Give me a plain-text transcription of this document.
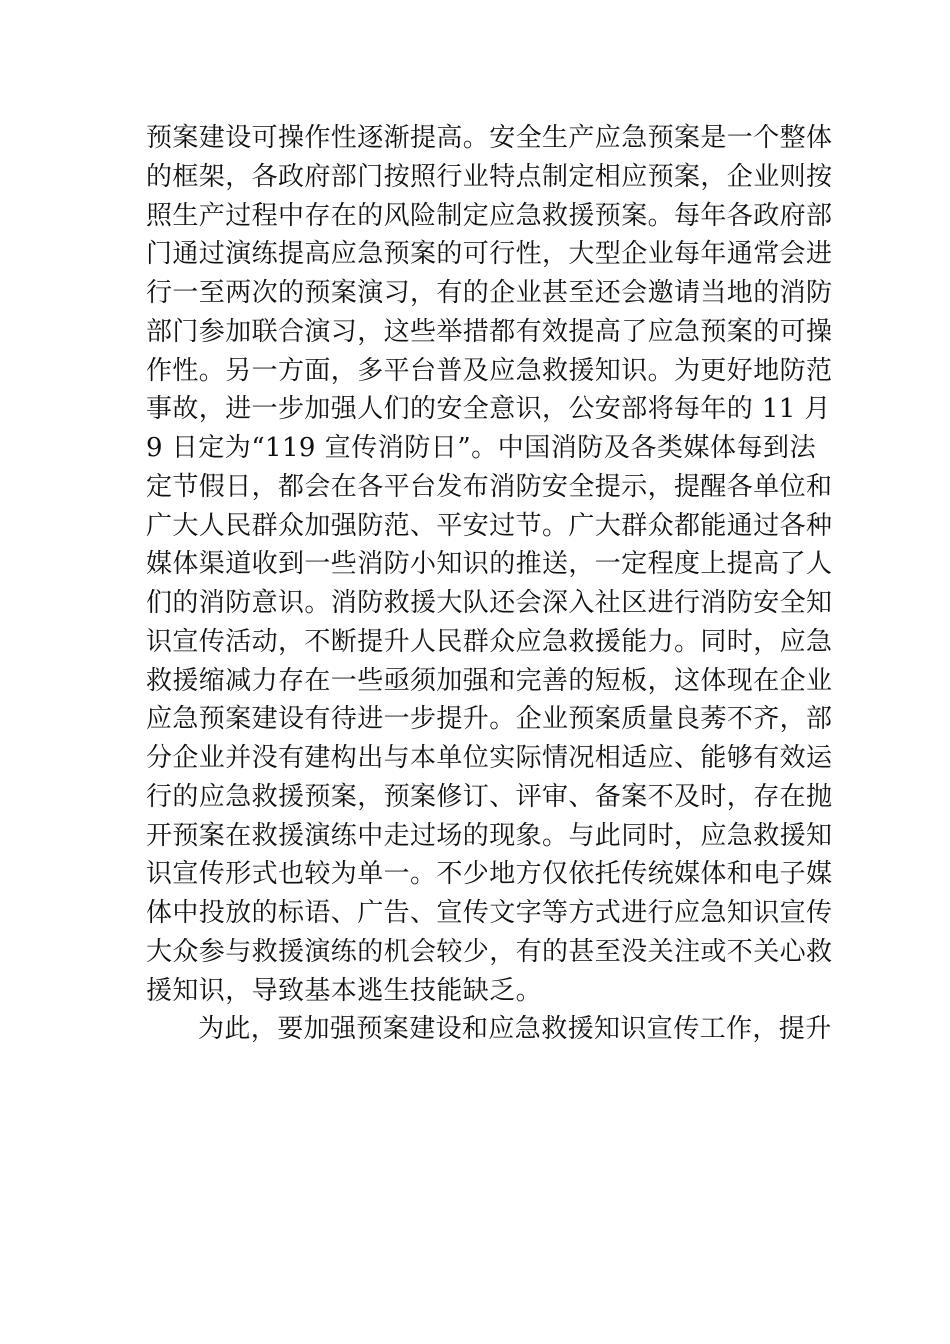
预案建设可操作性逐渐提高。安全生产应急预案是一个整体
的框架，各政府部门按照行业特点制定相应预案，企业则按
照生产过程中存在的风险制定应急救援预案。每年各政府部
门通过演练提高应急预案的可行性，大型企业每年通常会进
行一至两次的预案演习，有的企业甚至还会邀请当地的消防
部门参加联合演习，这些举措都有效提高了应急预案的可操
作性。另一方面，多平台普及应急救援知识。为更好地防范
事故，进一步加强人们的安全意识，公安部将每年的 11 月
9 日定为“119 宣传消防日”。中国消防及各类媒体每到法
定节假日，都会在各平台发布消防安全提示，提醒各单位和
广大人民群众加强防范、平安过节。广大群众都能通过各种
媒体渠道收到一些消防小知识的推送，一定程度上提高了人
们的消防意识。消防救援大队还会深入社区进行消防安全知
识宣传活动，不断提升人民群众应急救援能力。同时，应急
救援缩减力存在一些亟须加强和完善的短板，这体现在企业
应急预案建设有待进一步提升。企业预案质量良莠不齐，部
分企业并没有建构出与本单位实际情况相适应、能够有效运
行的应急救援预案，预案修订、评审、备案不及时，存在抛
开预案在救援演练中走过场的现象。与此同时，应急救援知
识宣传形式也较为单一。不少地方仅依托传统媒体和电子媒
体中投放的标语、广告、宣传文字等方式进行应急知识宣传
大众参与救援演练的机会较少，有的甚至没关注或不关心救
援知识，导致基本逃生技能缺乏。
为此，要加强预案建设和应急救援知识宣传工作，提升
